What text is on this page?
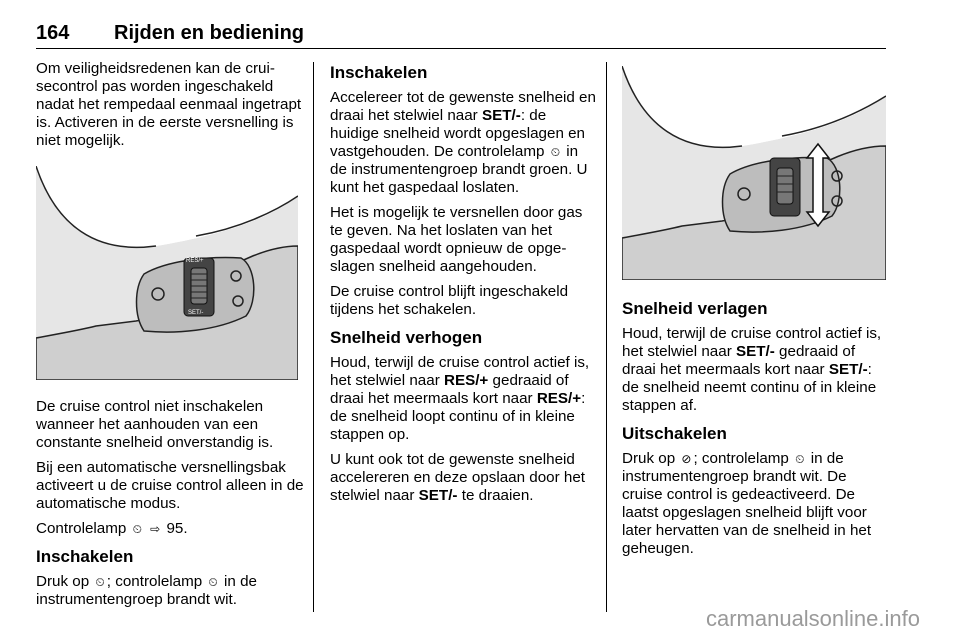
164 Rijden en bediening

Om veiligheidsredenen kan de cruisecontrol pas worden ingeschakeld nadat het rempedaal eenmaal ingetrapt is. Activeren in de eerste versnelling is niet mogelijk.

RES/+
SET/-

De cruise control niet inschakelen wanneer het aanhouden van een constante snelheid onverstandig is.

Bij een automatische versnellingsbak activeert u de cruise control alleen in de automatische modus.

Controlelamp ⏲ ⇨ 95.

Inschakelen

Druk op ⏲ ; controlelamp ⏲ in de instrumentengroep brandt wit.

Inschakelen

Accelereer tot de gewenste snelheid en draai het stelwiel naar SET/-: de huidige snelheid wordt opgeslagen en vastgehouden. De controlelamp ⏲ in de instrumentengroep brandt groen. U kunt het gaspedaal loslaten.

Het is mogelijk te versnellen door gas te geven. Na het loslaten van het gaspedaal wordt opnieuw de opgeslagen snelheid aangehouden.

De cruise control blijft ingeschakeld tijdens het schakelen.

Snelheid verhogen

Houd, terwijl de cruise control actief is, het stelwiel naar RES/+ gedraaid of draai het meermaals kort naar RES/+: de snelheid loopt continu of in kleine stappen op.

U kunt ook tot de gewenste snelheid accelereren en deze opslaan door het stelwiel naar SET/- te draaien.

Snelheid verlagen

Houd, terwijl de cruise control actief is, het stelwiel naar SET/- gedraaid of draai het meermaals kort naar SET/-: de snelheid neemt continu of in kleine stappen af.

Uitschakelen

Druk op ⊘ ; controlelamp ⏲ in de instrumentengroep brandt wit. De cruise control is gedeactiveerd. De laatst opgeslagen snelheid blijft voor later hervatten van de snelheid in het geheugen.

carmanualsonline.info
